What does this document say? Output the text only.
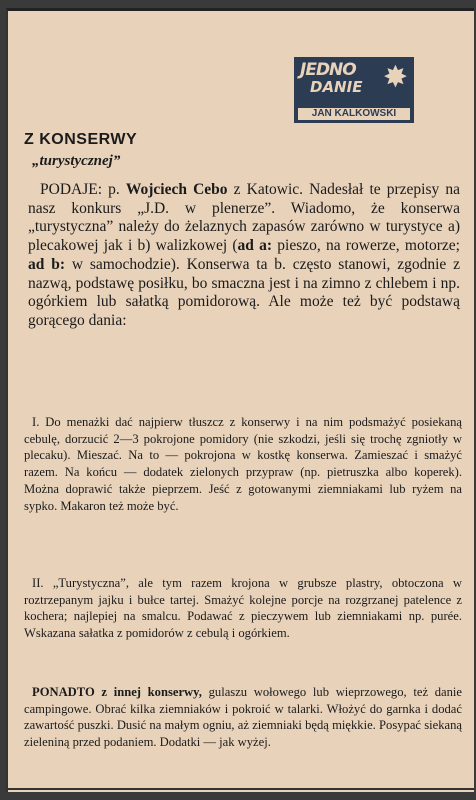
JEDNO
DANIE ✸
JAN KALKOWSKI
Z KONSERWY
„turystycznej”

PODAJE: p. Wojciech Cebo z Katowic. Nadesłał te przepisy na nasz konkurs „J.D. w plenerze”. Wiadomo, że konserwa „turystyczna” należy do żelaznych zapasów zarówno w turystyce a) plecakowej jak i b) walizkowej (ad a: pieszo, na rowerze, motorze; ad b: w samochodzie). Konserwa ta b. często stanowi, zgodnie z nazwą, podstawę posiłku, bo smaczna jest i na zimno z chlebem i np. ogórkiem lub sałatką pomidorową. Ale może też być podstawą gorącego dania:

I. Do menażki dać najpierw tłuszcz z konserwy i na nim podsmażyć posiekaną cebulę, dorzucić 2—3 pokrojone pomidory (nie szkodzi, jeśli się trochę zgniotły w plecaku). Mieszać. Na to — pokrojona w kostkę konserwa. Zamieszać i smażyć razem. Na końcu — dodatek zielonych przypraw (np. pietruszka albo koperek). Można doprawić także pieprzem. Jeść z gotowanymi ziemniakami lub ryżem na sypko. Makaron też może być.

II. „Turystyczna”, ale tym razem krojona w grubsze plastry, obtoczona w roztrzepanym jajku i bułce tartej. Smażyć kolejne porcje na rozgrzanej patelence z kochera; najlepiej na smalcu. Podawać z pieczywem lub ziemniakami np. purée. Wskazana sałatka z pomidorów z cebulą i ogórkiem.

PONADTO z innej konserwy, gulaszu wołowego lub wieprzowego, też danie campingowe. Obrać kilka ziemniaków i pokroić w talarki. Włożyć do garnka i dodać zawartość puszki. Dusić na małym ogniu, aż ziemniaki będą miękkie. Posypać siekaną zieleniną przed podaniem. Dodatki — jak wyżej.
